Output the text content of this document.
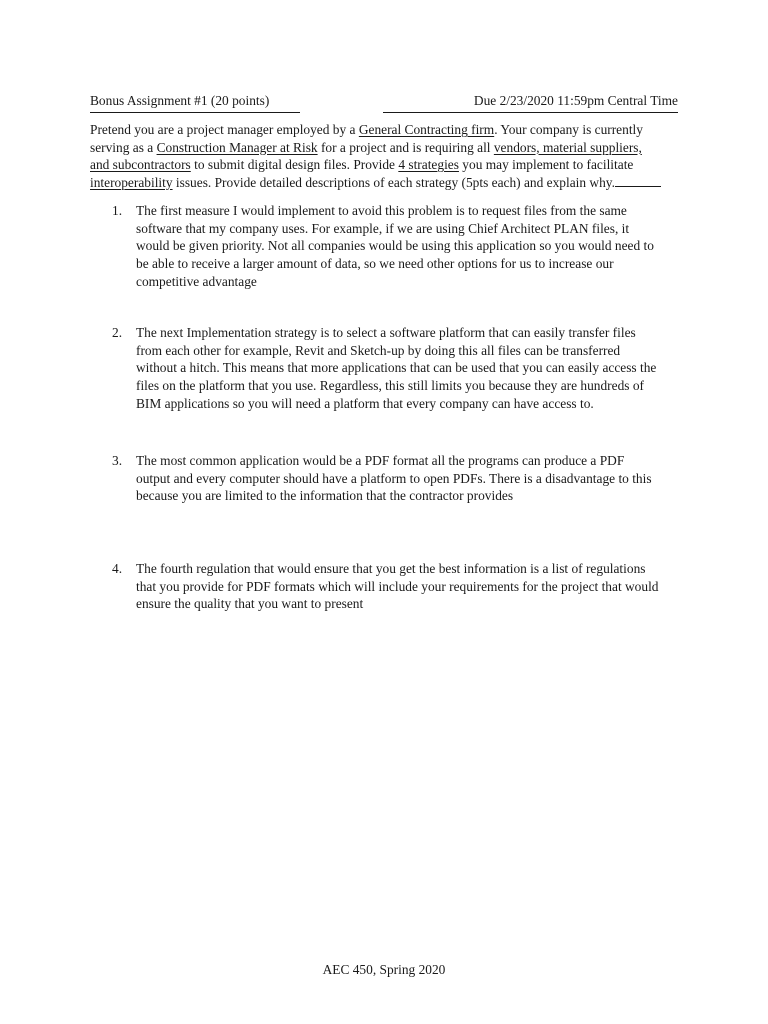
Bonus Assignment #1 (20 points)	Due 2/23/2020 11:59pm Central Time
Pretend you are a project manager employed by a General Contracting firm. Your company is currently
serving as a Construction Manager at Risk for a project and is requiring all vendors, material suppliers,
and subcontractors to submit digital design files. Provide 4 strategies you may implement to facilitate
interoperability issues. Provide detailed descriptions of each strategy (5pts each) and explain why.
1. The first measure I would implement to avoid this problem is to request files from the same
software that my company uses. For example, if we are using Chief Architect PLAN files, it
would be given priority. Not all companies would be using this application so you would need to
be able to receive a larger amount of data, so we need other options for us to increase our
competitive advantage
2. The next Implementation strategy is to select a software platform that can easily transfer files
from each other for example, Revit and Sketch-up by doing this all files can be transferred
without a hitch. This means that more applications that can be used that you can easily access the
files on the platform that you use. Regardless, this still limits you because they are hundreds of
BIM applications so you will need a platform that every company can have access to.
3. The most common application would be a PDF format all the programs can produce a PDF
output and every computer should have a platform to open PDFs. There is a disadvantage to this
because you are limited to the information that the contractor provides
4. The fourth regulation that would ensure that you get the best information is a list of regulations
that you provide for PDF formats which will include your requirements for the project that would
ensure the quality that you want to present
AEC 450, Spring 2020
